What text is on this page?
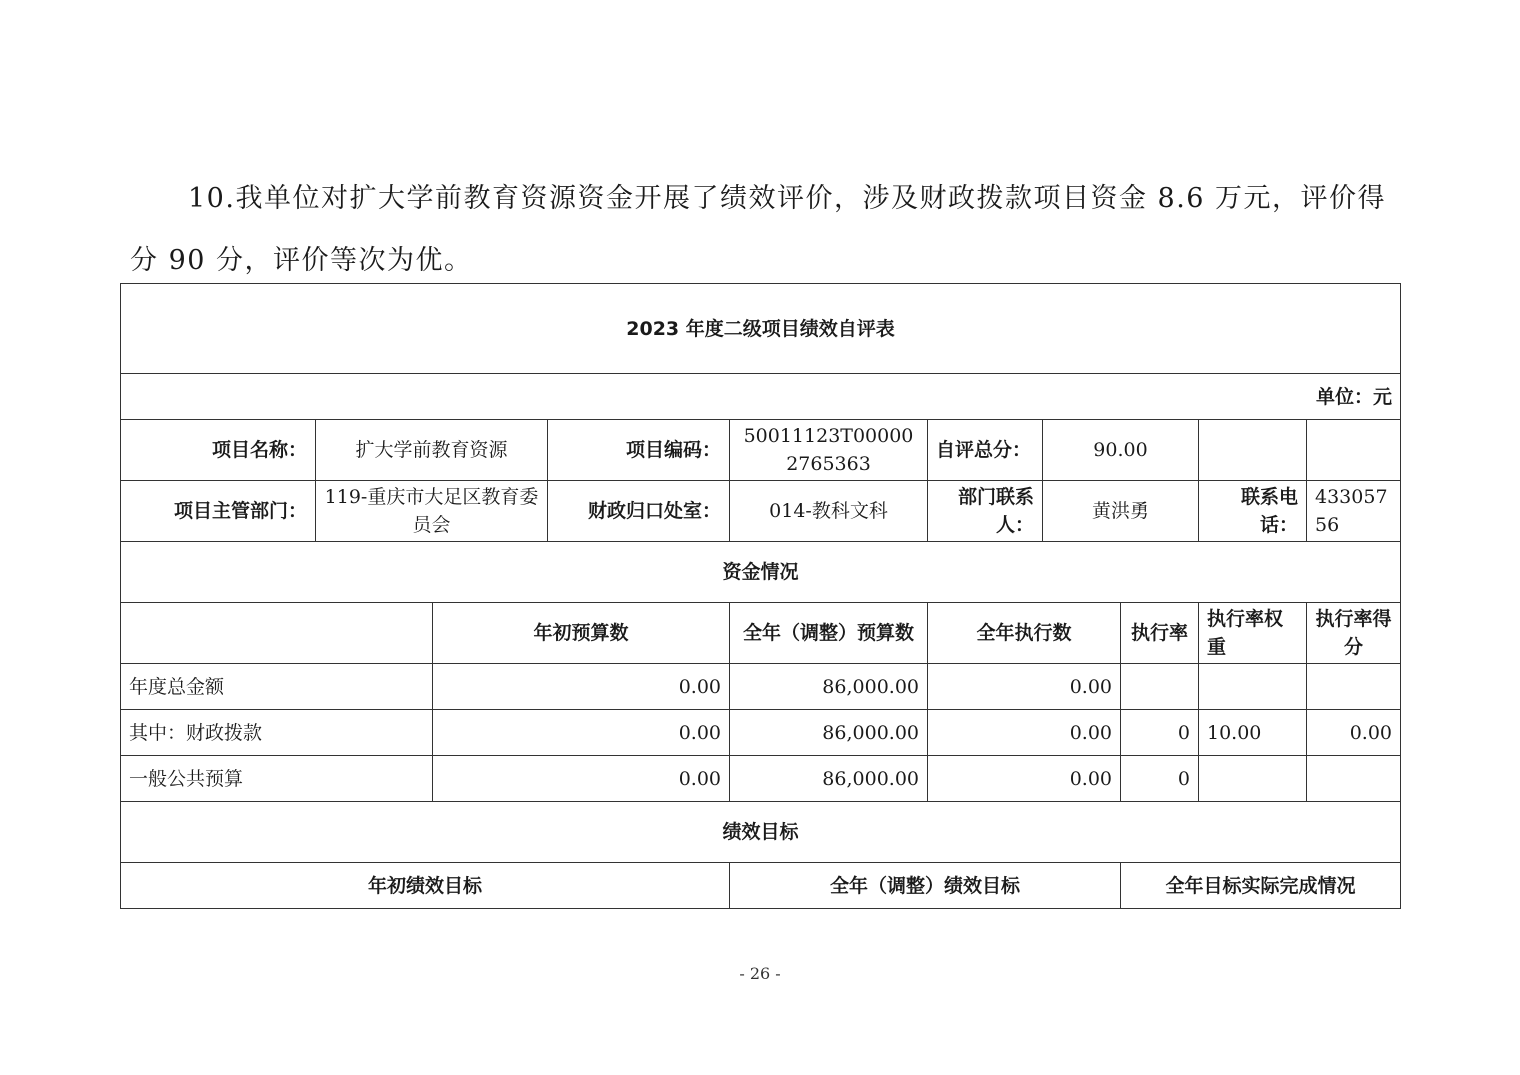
10.我单位对扩大学前教育资源资金开展了绩效评价，涉及财政拨款项目资金 8.6 万元，评价得分 90 分，评价等次为优。

2023 年度二级项目绩效自评表									
单位：元									
项目名称：	扩大学前教育资源		项目编码：	50011123T000002765363	自评总分：	90.00			
项目主管部门：	119-重庆市大足区教育委员会		财政归口处室：	014-教科文科	部门联系人：	黄洪勇		联系电话：	43305756
资金情况									
		年初预算数		全年（调整）预算数	全年执行数		执行率	执行率权重	执行率得分
年度总金额		0.00		86,000.00	0.00				
其中：财政拨款		0.00		86,000.00	0.00		0	10.00	0.00
一般公共预算		0.00		86,000.00	0.00		0		
绩效目标									
年初绩效目标				全年（调整）绩效目标			全年目标实际完成情况		
- 26 -
